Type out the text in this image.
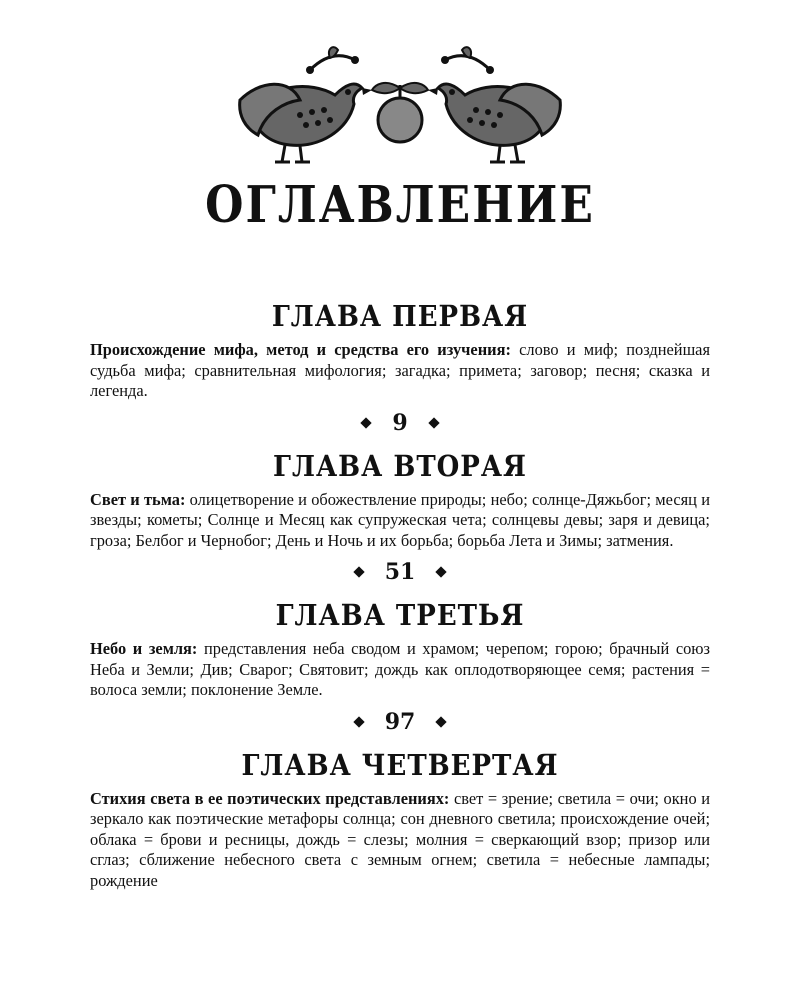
ОГЛАВЛЕНИЕ
ГЛАВА ПЕРВАЯ

Происхождение мифа, метод и средства его изучения: слово и миф; позднейшая судьба мифа; сравнительная мифология; загадка; примета; заговор; песня; сказка и легенда.

9
ГЛАВА ВТОРАЯ

Свет и тьма: олицетворение и обожествление природы; небо; солнце-Дяжьбог; месяц и звезды; кометы; Солнце и Месяц как супружеская чета; солнцевы девы; заря и девица; гроза; Белбог и Чернобог; День и Ночь и их борьба; борьба Лета и Зимы; затмения.

51
ГЛАВА ТРЕТЬЯ

Небо и земля: представления неба сводом и храмом; черепом; горою; брачный союз Неба и Земли; Див; Сварог; Святовит; дождь как оплодотворяющее семя; растения = волоса земли; поклонение Земле.

97
ГЛАВА ЧЕТВЕРТАЯ

Стихия света в ее поэтических представлениях: свет = зрение; светила = очи; окно и зеркало как поэтические метафоры солнца; сон дневного светила; происхождение очей; облака = брови и ресницы, дождь = слезы; молния = сверкающий взор; призор или сглаз; сближение небесного света с земным огнем; светила = небесные лампады; рождение
